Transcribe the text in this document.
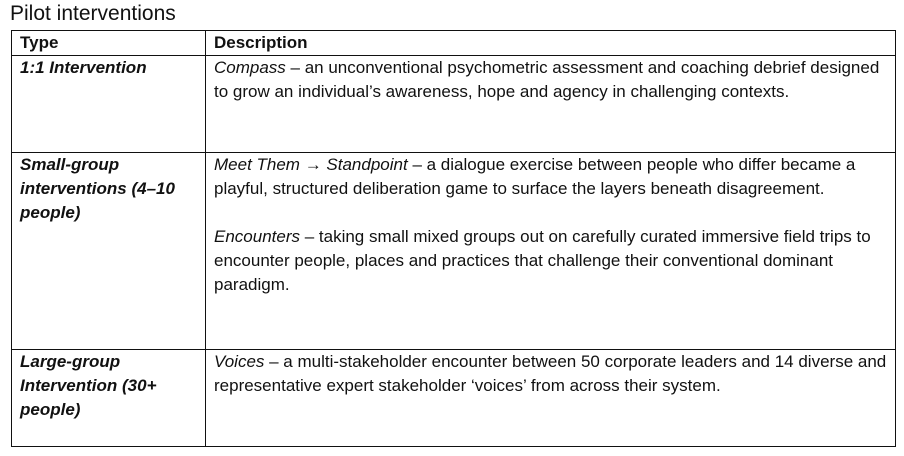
Pilot interventions
Type	Description
1:1 Intervention	Compass – an unconventional psychometric assessment and coaching debrief designed to grow an individual’s awareness, hope and agency in challenging contexts.

Small-group interventions (4–10 people)	Meet Them → Standpoint – a dialogue exercise between people who differ became a playful, structured deliberation game to surface the layers beneath disagreement.

Encounters – taking small mixed groups out on carefully curated immersive field trips to encounter people, places and practices that challenge their conventional dominant paradigm.

Large-group Intervention (30+ people)	Voices – a multi-stakeholder encounter between 50 corporate leaders and 14 diverse and representative expert stakeholder ‘voices’ from across their system.
